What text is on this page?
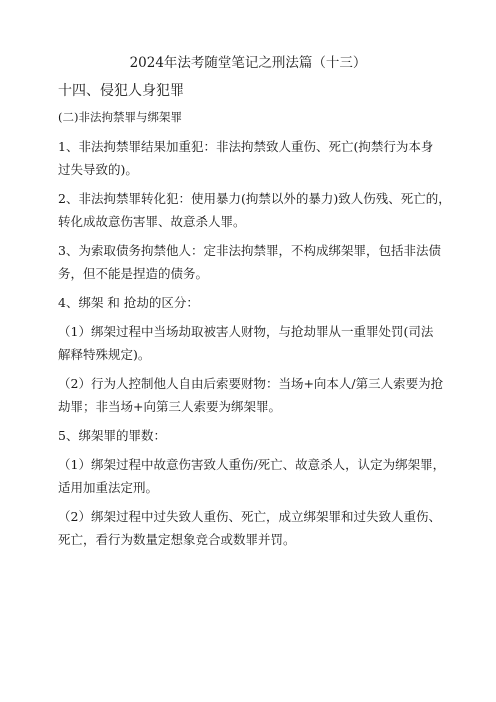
2024年法考随堂笔记之刑法篇（十三）
十四、侵犯人身犯罪
(二)非法拘禁罪与绑架罪
1、非法拘禁罪结果加重犯：非法拘禁致人重伤、死亡(拘禁行为本身
过失导致的)。
2、非法拘禁罪转化犯：使用暴力(拘禁以外的暴力)致人伤残、死亡的，
转化成故意伤害罪、故意杀人罪。
3、为索取债务拘禁他人：定非法拘禁罪，不构成绑架罪，包括非法债
务，但不能是捏造的债务。
4、绑架 和 抢劫的区分：
（1）绑架过程中当场劫取被害人财物，与抢劫罪从一重罪处罚(司法
解释特殊规定)。
（2）行为人控制他人自由后索要财物：当场+向本人/第三人索要为抢
劫罪；非当场+向第三人索要为绑架罪。
5、绑架罪的罪数：
（1）绑架过程中故意伤害致人重伤/死亡、故意杀人，认定为绑架罪，
适用加重法定刑。
（2）绑架过程中过失致人重伤、死亡，成立绑架罪和过失致人重伤、
死亡，看行为数量定想象竞合或数罪并罚。
